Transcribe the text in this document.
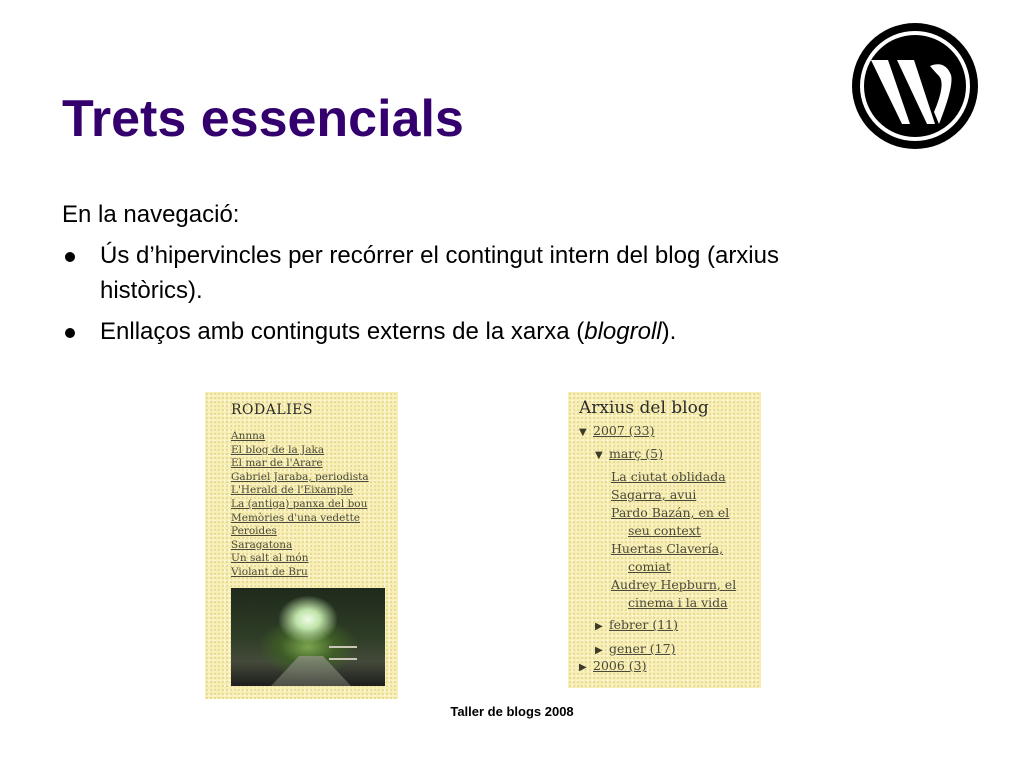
Trets essencials

En la navegació:

Ús d’hipervincles per recórrer el contingut intern del blog (arxius històrics).
Enllaços amb continguts externs de la xarxa (blogroll).
RODALIES
Annna
El blog de la Jaka
El mar de l'Arare
Gabriel Jaraba, periodista
L'Herald de l'Eixample
La (antiga) panxa del bou
Memòries d'una vedette
Peroides
Saragatona
Un salt al món
Violant de Bru
Arxius del blog
▼ 2007 (33)
▼ març (5)
La ciutat oblidada
Sagarra, avui
Pardo Bazán, en el
seu context
Huertas Clavería,
comiat
Audrey Hepburn, el
cinema i la vida
▶ febrer (11)
▶ gener (17)
▶ 2006 (3)
Taller de blogs 2008
